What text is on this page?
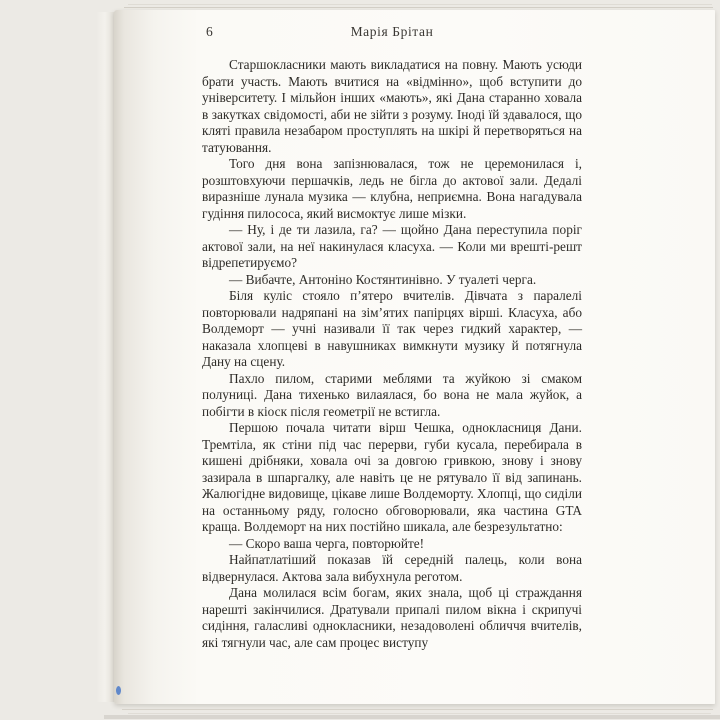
6	Марія Брітан

Старшокласники мають викладатися на повну. Мають усюди брати участь. Мають вчитися на «відмінно», щоб вступити до університету. І мільйон інших «мають», які Дана старанно ховала в закутках свідомості, аби не зійти з розуму. Іноді їй здавалося, що кляті правила незабаром проступлять на шкірі й перетворяться на татуювання.

Того дня вона запізнювалася, тож не церемонилася і, розштовхуючи першачків, ледь не бігла до актової зали. Дедалі виразніше лунала музика — клубна, неприємна. Вона нагадувала гудіння пилососа, який висмоктує лише мізки.

— Ну, і де ти лазила, га? — щойно Дана переступила поріг актової зали, на неї накинулася класуха. — Коли ми врешті-решт відрепетируємо?

— Вибачте, Антоніно Костянтинівно. У туалеті черга.

Біля куліс стояло п’ятеро вчителів. Дівчата з паралелі повторювали надряпані на зім’ятих папірцях вірші. Класуха, або Волдеморт — учні називали її так через гидкий характер, — наказала хлопцеві в навушниках вимкнути музику й потягнула Дану на сцену.

Пахло пилом, старими меблями та жуйкою зі смаком полуниці. Дана тихенько вилаялася, бо вона не мала жуйок, а побігти в кіоск після геометрії не встигла.

Першою почала читати вірш Чешка, однокласниця Дани. Тремтіла, як стіни під час перерви, губи кусала, перебирала в кишені дрібняки, ховала очі за довгою гривкою, знову і знову зазирала в шпаргалку, але навіть це не рятувало її від запинань. Жалюгідне видовище, цікаве лише Волдеморту. Хлопці, що сиділи на останньому ряду, голосно обговорювали, яка частина GTA краща. Волдеморт на них постійно шикала, але безрезультатно:

— Скоро ваша черга, повторюйте!

Найпатлатіший показав їй середній палець, коли вона відвернулася. Актова зала вибухнула реготом.

Дана молилася всім богам, яких знала, щоб ці страждання нарешті закінчилися. Дратували припалі пилом вікна і скрипучі сидіння, галасливі однокласники, незадоволені обличчя вчителів, які тягнули час, але сам процес виступу
